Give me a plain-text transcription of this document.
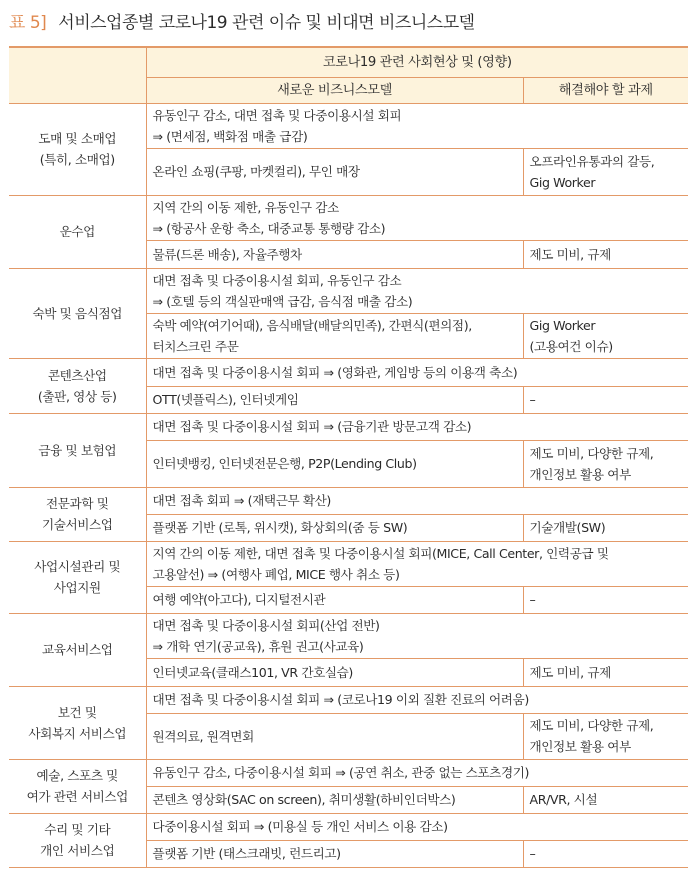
표 5] 서비스업종별 코로나19 관련 이슈 및 비대면 비즈니스모델
	코로나19 관련 사회현상 및 (영향)	
	새로운 비즈니스모델	해결해야 할 과제
도매 및 소매업
(특히, 소매업)	유동인구 감소, 대면 접촉 및 다중이용시설 회피
⇒ (면세점, 백화점 매출 급감)	
	온라인 쇼핑(쿠팡, 마켓컬리), 무인 매장	오프라인유통과의 갈등,
Gig Worker
운수업	지역 간의 이동 제한, 유동인구 감소
⇒ (항공사 운항 축소, 대중교통 통행량 감소)	
	물류(드론 배송), 자율주행차	제도 미비, 규제
숙박 및 음식점업	대면 접촉 및 다중이용시설 회피, 유동인구 감소
⇒ (호텔 등의 객실판매액 급감, 음식점 매출 감소)	
	숙박 예약(여기어때), 음식배달(배달의민족), 간편식(편의점),
터치스크린 주문	Gig Worker
(고용여건 이슈)
콘텐츠산업
(출판, 영상 등)	대면 접촉 및 다중이용시설 회피 ⇒ (영화관, 게임방 등의 이용객 축소)	
	OTT(넷플릭스), 인터넷게임	–
금융 및 보험업	대면 접촉 및 다중이용시설 회피 ⇒ (금융기관 방문고객 감소)	
	인터넷뱅킹, 인터넷전문은행, P2P(Lending Club)	제도 미비, 다양한 규제,
개인정보 활용 여부
전문과학 및
기술서비스업	대면 접촉 회피 ⇒ (재택근무 확산)	
	플랫폼 기반 (로톡, 위시캣), 화상회의(줌 등 SW)	기술개발(SW)
사업시설관리 및
사업지원	지역 간의 이동 제한, 대면 접촉 및 다중이용시설 회피(MICE, Call Center, 인력공급 및
고용알선) ⇒ (여행사 폐업, MICE 행사 취소 등)	
	여행 예약(아고다), 디지털전시관	–
교육서비스업	대면 접촉 및 다중이용시설 회피(산업 전반)
⇒ 개학 연기(공교육), 휴원 권고(사교육)	
	인터넷교육(클래스101, VR 간호실습)	제도 미비, 규제
보건 및
사회복지 서비스업	대면 접촉 및 다중이용시설 회피 ⇒ (코로나19 이외 질환 진료의 어려움)	
	원격의료, 원격면회	제도 미비, 다양한 규제,
개인정보 활용 여부
예술, 스포츠 및
여가 관련 서비스업	유동인구 감소, 다중이용시설 회피 ⇒ (공연 취소, 관중 없는 스포츠경기)	
	콘텐츠 영상화(SAC on screen), 취미생활(하비인더박스)	AR/VR, 시설
수리 및 기타
개인 서비스업	다중이용시설 회피 ⇒ (미용실 등 개인 서비스 이용 감소)	
	플랫폼 기반 (태스크래빗, 런드리고)	–
